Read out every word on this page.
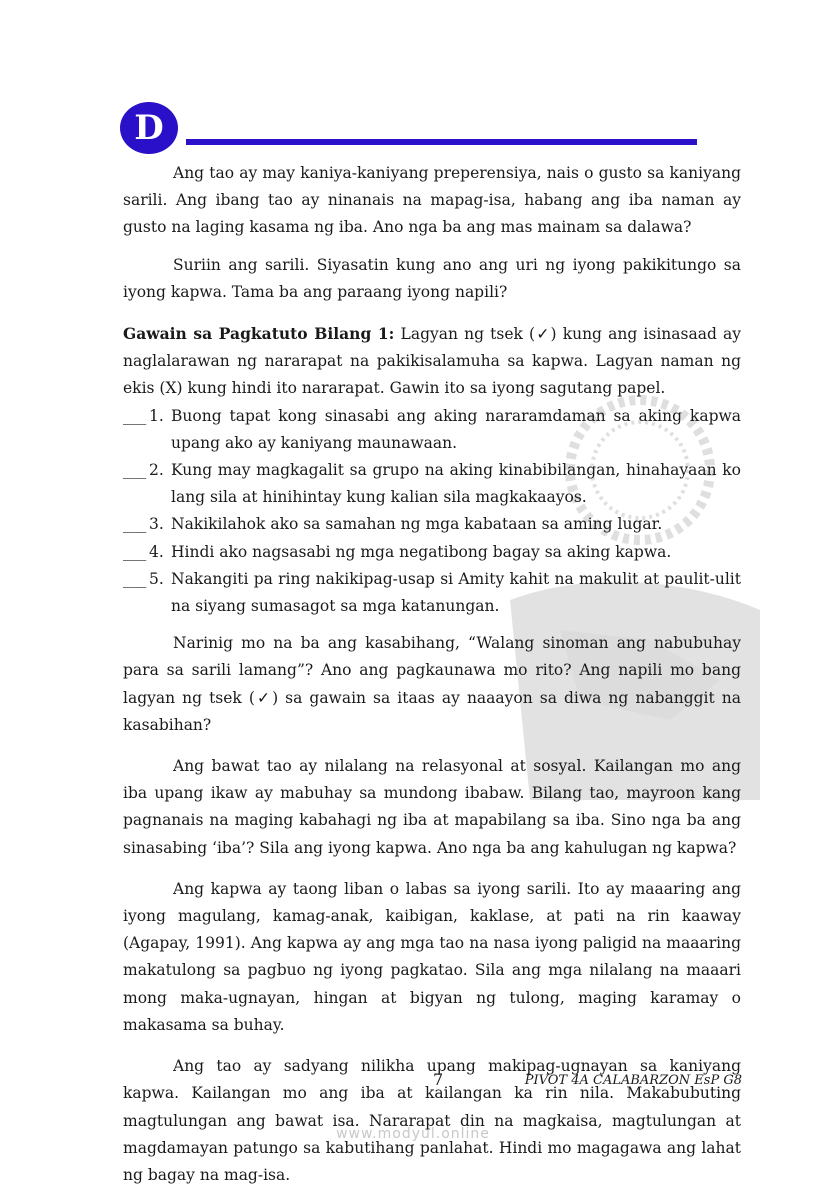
D

Ang tao ay may kaniya-kaniyang preperensiya, nais o gusto sa kaniyang sarili. Ang ibang tao ay ninanais na mapag-isa, habang ang iba naman ay gusto na laging kasama ng iba. Ano nga ba ang mas mainam sa dalawa?

Suriin ang sarili. Siyasatin kung ano ang uri ng iyong pakikitungo sa iyong kapwa. Tama ba ang paraang iyong napili?

Gawain sa Pagkatuto Bilang 1: Lagyan ng tsek (✓) kung ang isinasaad ay naglalarawan ng nararapat na pakikisalamuha sa kapwa. Lagyan naman ng ekis (X) kung hindi ito nararapat. Gawin ito sa iyong sagutang papel.

___ 1. Buong tapat kong sinasabi ang aking nararamdaman sa aking kapwa upang ako ay kaniyang maunawaan.
___ 2. Kung may magkagalit sa grupo na aking kinabibilangan, hinahayaan ko lang sila at hinihintay kung kalian sila magkakaayos.
___ 3. Nakikilahok ako sa samahan ng mga kabataan sa aming lugar.
___ 4. Hindi ako nagsasabi ng mga negatibong bagay sa aking kapwa.
___ 5. Nakangiti pa ring nakikipag-usap si Amity kahit na makulit at paulit-ulit na siyang sumasagot sa mga katanungan.

Narinig mo na ba ang kasabihang, “Walang sinoman ang nabubuhay para sa sarili lamang”? Ano ang pagkaunawa mo rito? Ang napili mo bang lagyan ng tsek (✓) sa gawain sa itaas ay naaayon sa diwa ng nabanggit na kasabihan?

Ang bawat tao ay nilalang na relasyonal at sosyal. Kailangan mo ang iba upang ikaw ay mabuhay sa mundong ibabaw. Bilang tao, mayroon kang pagnanais na maging kabahagi ng iba at mapabilang sa iba. Sino nga ba ang sinasabing ‘iba’? Sila ang iyong kapwa. Ano nga ba ang kahulugan ng kapwa?

Ang kapwa ay taong liban o labas sa iyong sarili. Ito ay maaaring ang iyong magulang, kamag-anak, kaibigan, kaklase, at pati na rin kaaway (Agapay, 1991). Ang kapwa ay ang mga tao na nasa iyong paligid na maaaring makatulong sa pagbuo ng iyong pagkatao. Sila ang mga nilalang na maaari mong maka-ugnayan, hingan at bigyan ng tulong, maging karamay o makasama sa buhay.

Ang tao ay sadyang nilikha upang makipag-ugnayan sa kaniyang kapwa. Kailangan mo ang iba at kailangan ka rin nila. Makabubuting magtulungan ang bawat isa. Nararapat din na magkaisa, magtulungan at magdamayan patungo sa kabutihang panlahat. Hindi mo magagawa ang lahat ng bagay na mag-isa.

7	PIVOT 4A CALABARZON EsP G8
www.modyul.online
